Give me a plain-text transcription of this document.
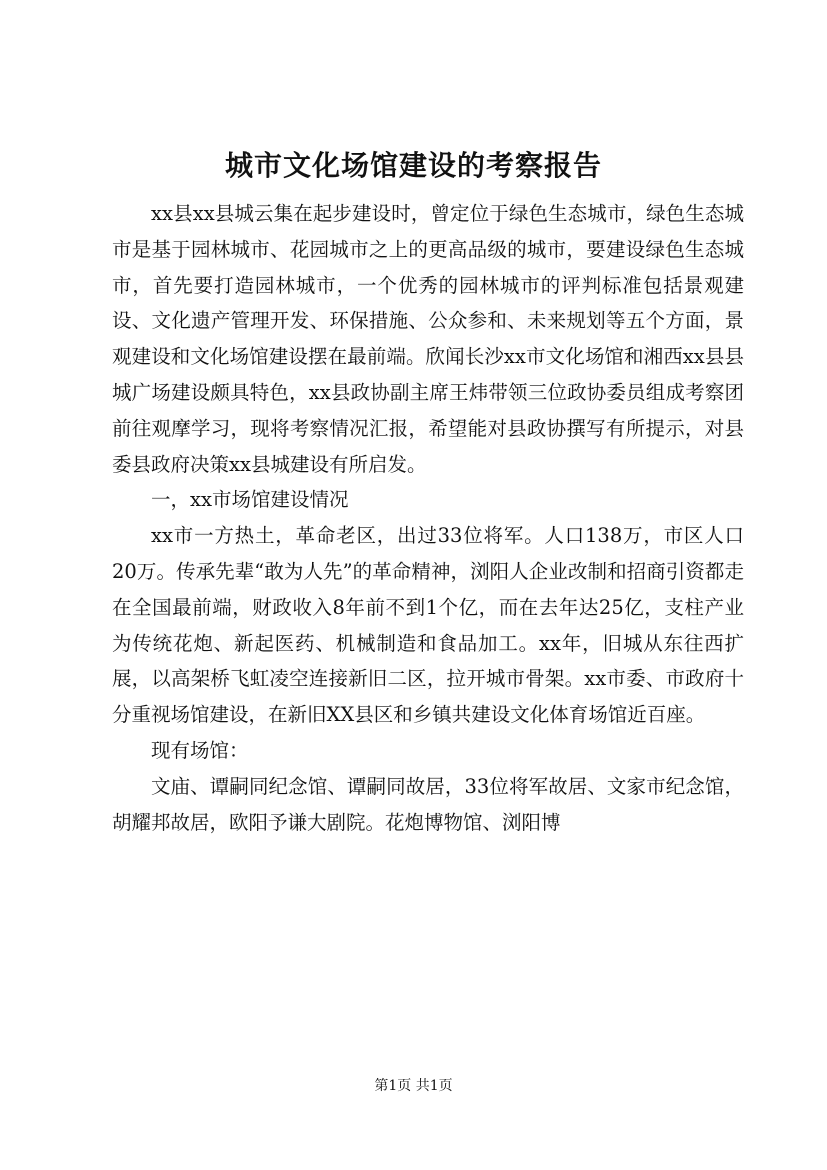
城市文化场馆建设的考察报告

xx县xx县城云集在起步建设时，曾定位于绿色生态城市，绿色生态城市是基于园林城市、花园城市之上的更高品级的城市，要建设绿色生态城市，首先要打造园林城市，一个优秀的园林城市的评判标准包括景观建设、文化遗产管理开发、环保措施、公众参和、未来规划等五个方面，景观建设和文化场馆建设摆在最前端。欣闻长沙xx市文化场馆和湘西xx县县城广场建设颇具特色，xx县政协副主席王炜带领三位政协委员组成考察团前往观摩学习，现将考察情况汇报，希望能对县政协撰写有所提示，对县委县政府决策xx县城建设有所启发。

一，xx市场馆建设情况

xx市一方热土，革命老区，出过33位将军。人口138万，市区人口20万。传承先辈“敢为人先”的革命精神，浏阳人企业改制和招商引资都走在全国最前端，财政收入8年前不到1个亿，而在去年达25亿，支柱产业为传统花炮、新起医药、机械制造和食品加工。xx年，旧城从东往西扩展，以高架桥飞虹凌空连接新旧二区，拉开城市骨架。xx市委、市政府十分重视场馆建设，在新旧XX县区和乡镇共建设文化体育场馆近百座。

现有场馆：

文庙、谭嗣同纪念馆、谭嗣同故居，33位将军故居、文家市纪念馆，胡耀邦故居，欧阳予谦大剧院。花炮博物馆、浏阳博

第1页 共1页
